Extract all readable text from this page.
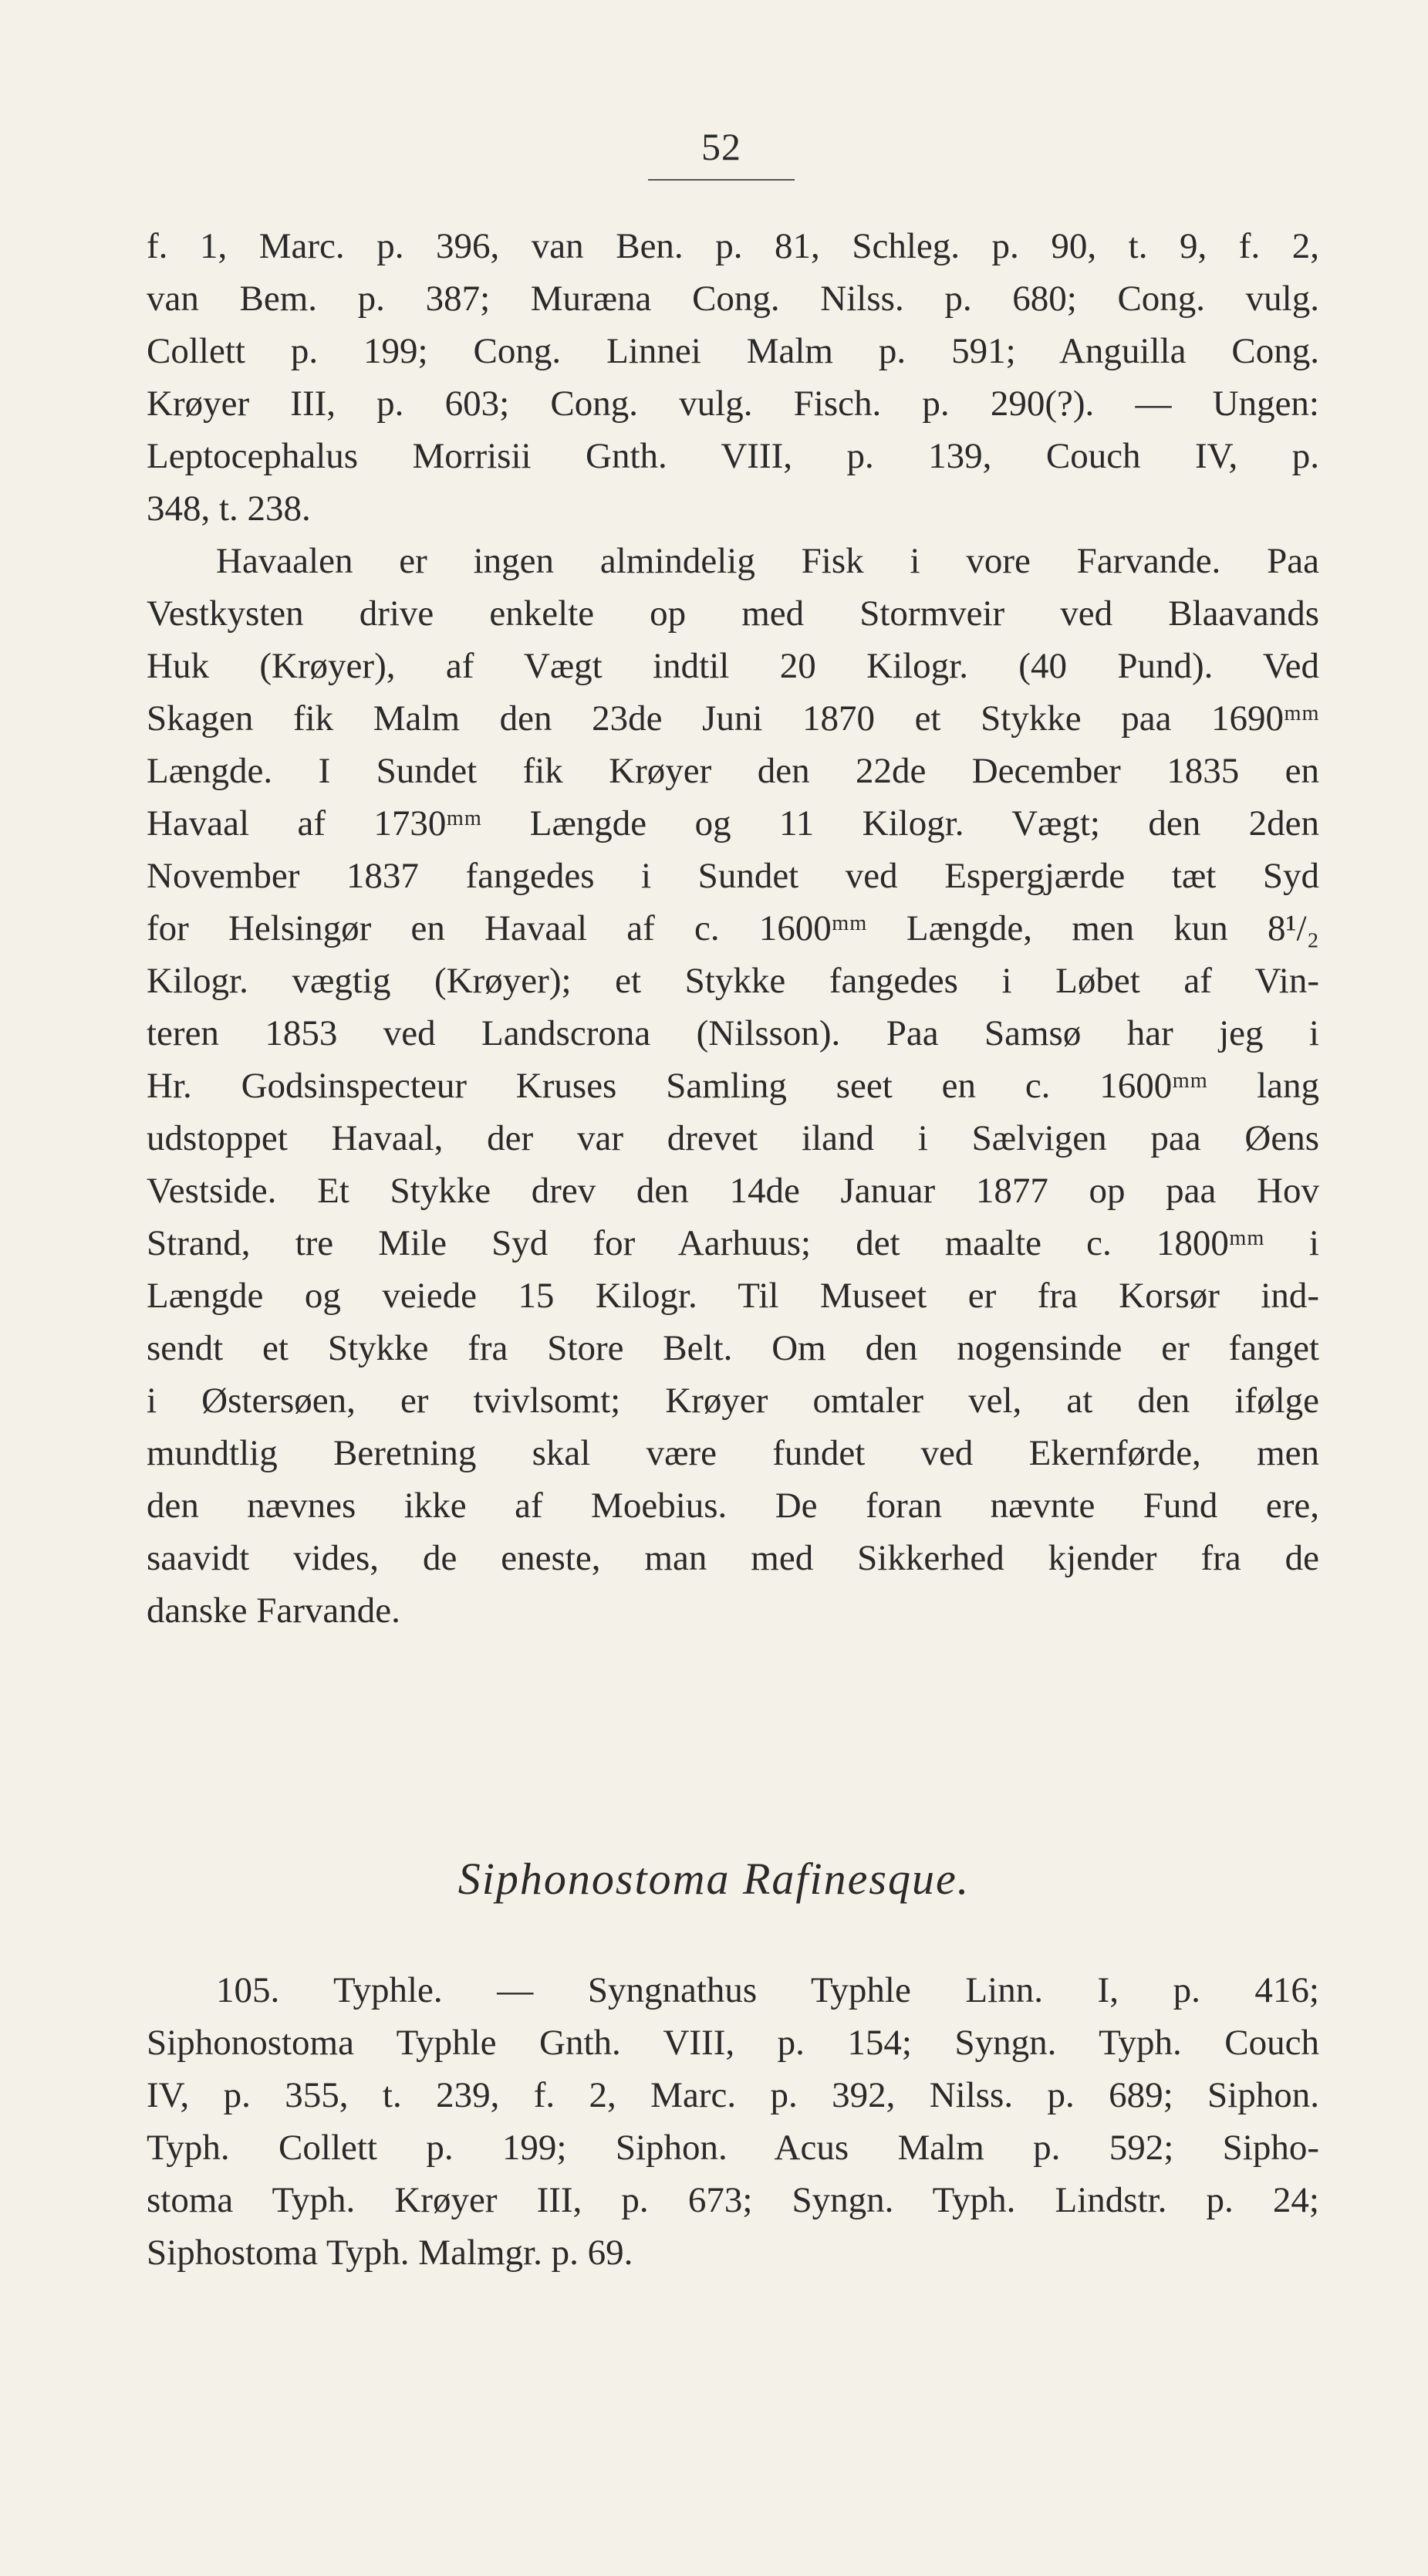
52
f. 1, Marc. p. 396, van Ben. p. 81, Schleg. p. 90, t. 9, f. 2,
van Bem. p. 387; Muræna Cong. Nilss. p. 680; Cong. vulg.
Collett p. 199; Cong. Linnei Malm p. 591; Anguilla Cong.
Krøyer III, p. 603; Cong. vulg. Fisch. p. 290(?). — Ungen:
Leptocephalus Morrisii Gnth. VIII, p. 139, Couch IV, p.
348, t. 238.
Havaalen er ingen almindelig Fisk i vore Farvande. Paa
Vestkysten drive enkelte op med Stormveir ved Blaavands
Huk (Krøyer), af Vægt indtil 20 Kilogr. (40 Pund). Ved
Skagen fik Malm den 23de Juni 1870 et Stykke paa 1690ᵐᵐ
Længde. I Sundet fik Krøyer den 22de December 1835 en
Havaal af 1730ᵐᵐ Længde og 11 Kilogr. Vægt; den 2den
November 1837 fangedes i Sundet ved Espergjærde tæt Syd
for Helsingør en Havaal af c. 1600ᵐᵐ Længde, men kun 8¹/₂
Kilogr. vægtig (Krøyer); et Stykke fangedes i Løbet af Vin-
teren 1853 ved Landscrona (Nilsson). Paa Samsø har jeg i
Hr. Godsinspecteur Kruses Samling seet en c. 1600ᵐᵐ lang
udstoppet Havaal, der var drevet iland i Sælvigen paa Øens
Vestside. Et Stykke drev den 14de Januar 1877 op paa Hov
Strand, tre Mile Syd for Aarhuus; det maalte c. 1800ᵐᵐ i
Længde og veiede 15 Kilogr. Til Museet er fra Korsør ind-
sendt et Stykke fra Store Belt. Om den nogensinde er fanget
i Østersøen, er tvivlsomt; Krøyer omtaler vel, at den ifølge
mundtlig Beretning skal være fundet ved Ekernførde, men
den nævnes ikke af Moebius. De foran nævnte Fund ere,
saavidt vides, de eneste, man med Sikkerhed kjender fra de
danske Farvande.
Siphonostoma Rafinesque.
105. Typhle. — Syngnathus Typhle Linn. I, p. 416;
Siphonostoma Typhle Gnth. VIII, p. 154; Syngn. Typh. Couch
IV, p. 355, t. 239, f. 2, Marc. p. 392, Nilss. p. 689; Siphon.
Typh. Collett p. 199; Siphon. Acus Malm p. 592; Sipho-
stoma Typh. Krøyer III, p. 673; Syngn. Typh. Lindstr. p. 24;
Siphostoma Typh. Malmgr. p. 69.
